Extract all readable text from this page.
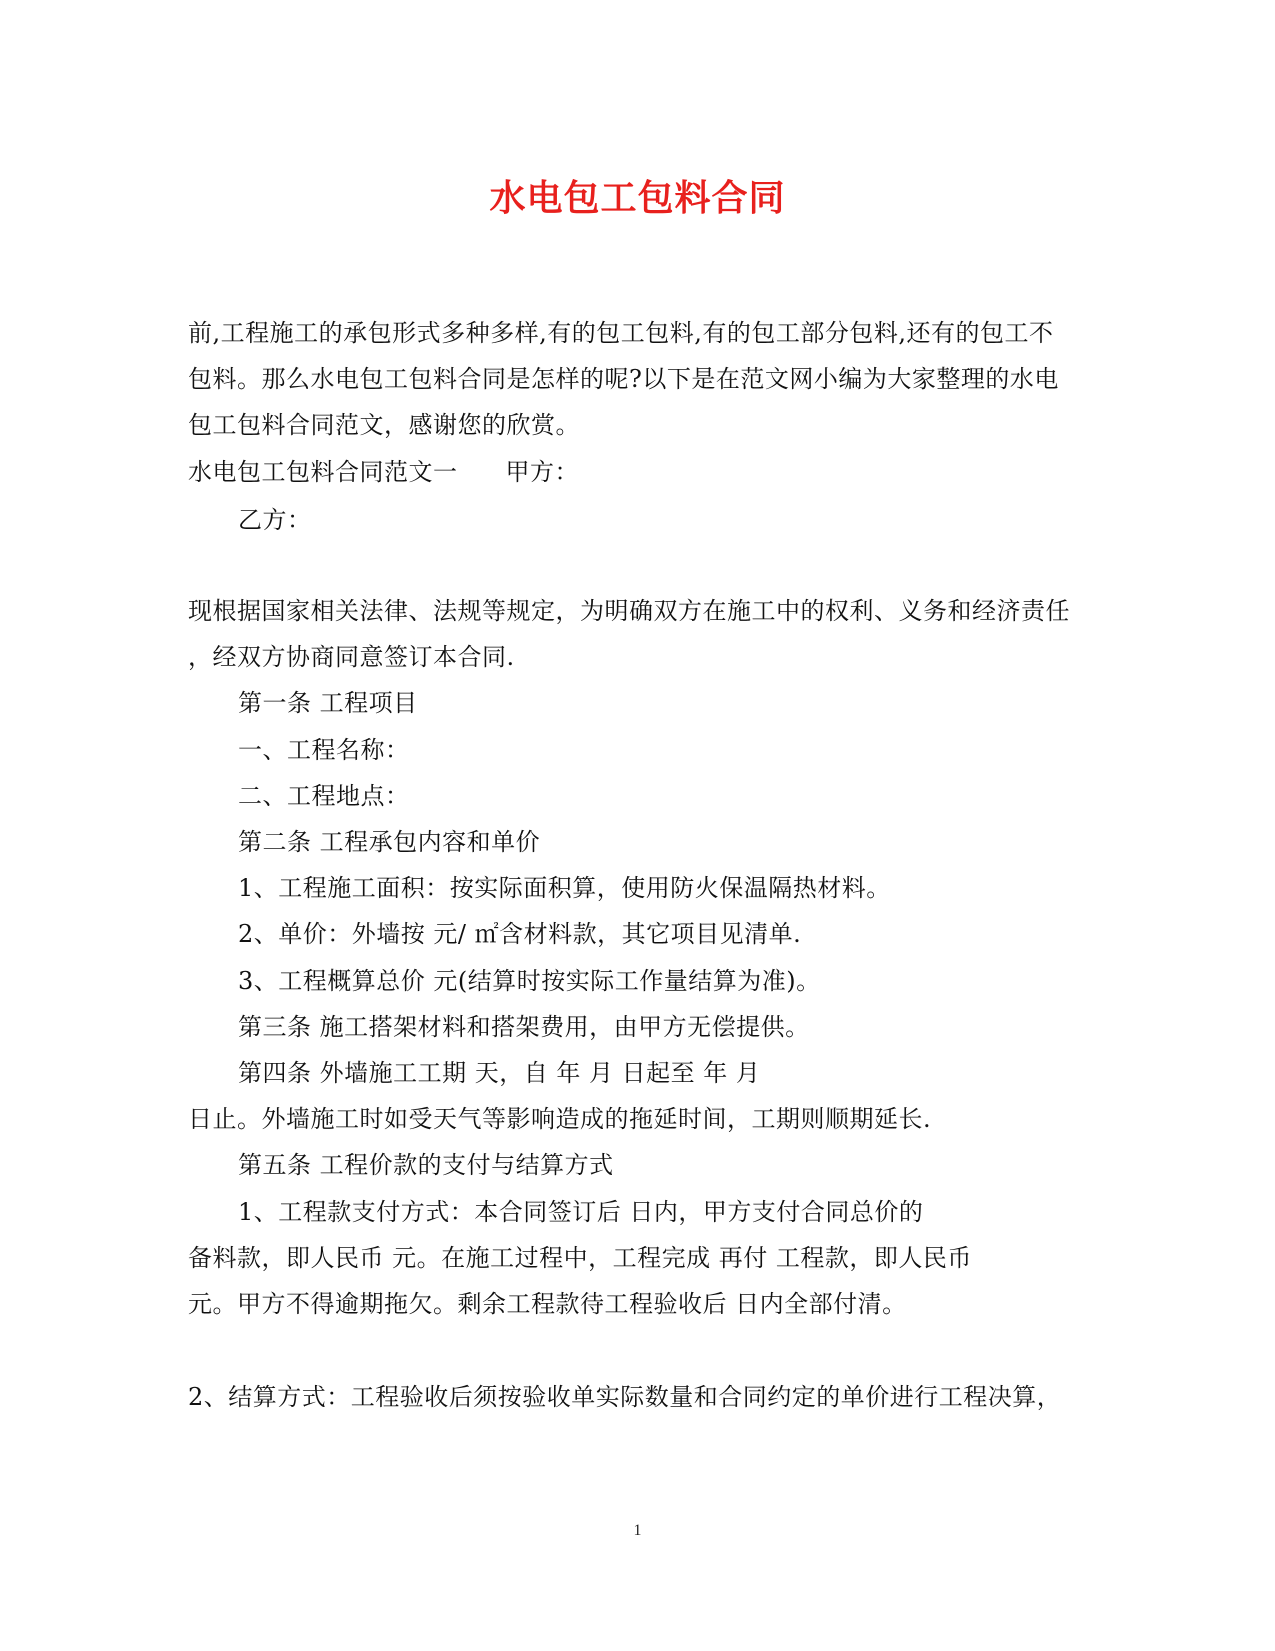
水电包工包料合同
前,工程施工的承包形式多种多样,有的包工包料,有的包工部分包料,还有的包工不
包料。那么水电包工包料合同是怎样的呢?以下是在范文网小编为大家整理的水电
包工包料合同范文，感谢您的欣赏。
水电包工包料合同范文一 甲方：
乙方：
现根据国家相关法律、法规等规定，为明确双方在施工中的权利、义务和经济责任
，经双方协商同意签订本合同.
第一条 工程项目
一、工程名称：
二、工程地点：
第二条 工程承包内容和单价
1、工程施工面积：按实际面积算，使用防火保温隔热材料。
2、单价：外墙按 元/ ㎡含材料款，其它项目见清单.
3、工程概算总价 元(结算时按实际工作量结算为准)。
第三条 施工搭架材料和搭架费用，由甲方无偿提供。
第四条 外墙施工工期 天，自 年 月 日起至 年 月
日止。外墙施工时如受天气等影响造成的拖延时间，工期则顺期延长.
第五条 工程价款的支付与结算方式
1、工程款支付方式：本合同签订后 日内，甲方支付合同总价的
备料款，即人民币 元。在施工过程中，工程完成 再付 工程款，即人民币
元。甲方不得逾期拖欠。剩余工程款待工程验收后 日内全部付清。
2、结算方式：工程验收后须按验收单实际数量和合同约定的单价进行工程决算，
1
